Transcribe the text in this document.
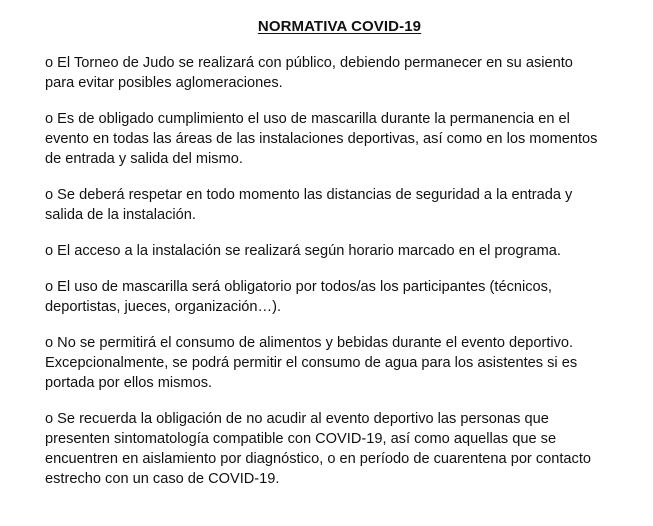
NORMATIVA COVID-19

o El Torneo de Judo se realizará con público, debiendo permanecer en su asiento para evitar posibles aglomeraciones.

o Es de obligado cumplimiento el uso de mascarilla durante la permanencia en el evento en todas las áreas de las instalaciones deportivas, así como en los momentos de entrada y salida del mismo.

o Se deberá respetar en todo momento las distancias de seguridad a la entrada y salida de la instalación.

o El acceso a la instalación se realizará según horario marcado en el programa.

o El uso de mascarilla será obligatorio por todos/as los participantes (técnicos, deportistas, jueces, organización…).

o No se permitirá el consumo de alimentos y bebidas durante el evento deportivo. Excepcionalmente, se podrá permitir el consumo de agua para los asistentes si es portada por ellos mismos.

o Se recuerda la obligación de no acudir al evento deportivo las personas que presenten sintomatología compatible con COVID-19, así como aquellas que se encuentren en aislamiento por diagnóstico, o en período de cuarentena por contacto estrecho con un caso de COVID-19.
